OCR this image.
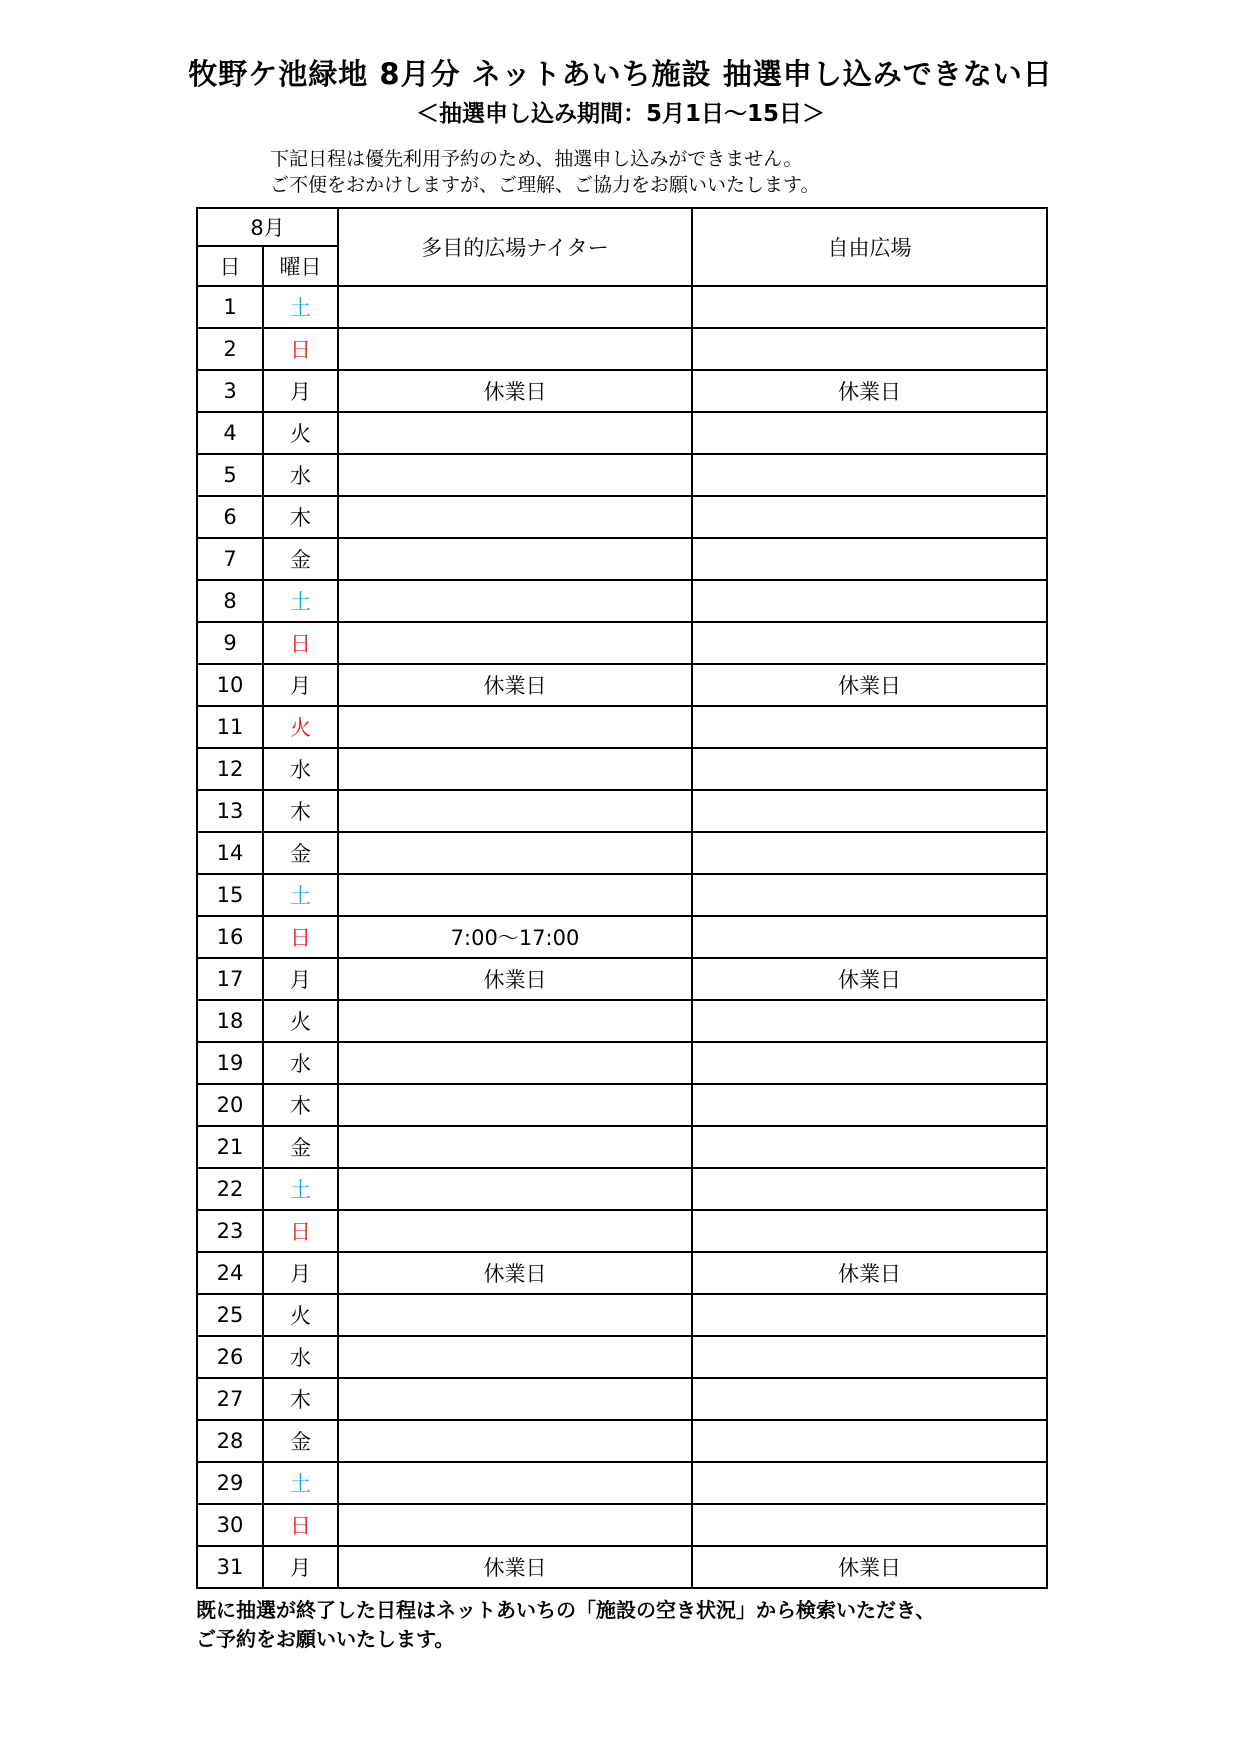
牧野ケ池緑地 8月分 ネットあいち施設 抽選申し込みできない日
＜抽選申し込み期間：5月1日～15日＞
下記日程は優先利用予約のため、抽選申し込みができません。
ご不便をおかけしますが、ご理解、ご協力をお願いいたします。
8月		多目的広場ナイター	自由広場
日	曜日		
1	土		
2	日		
3	月	休業日	休業日
4	火		
5	水		
6	木		
7	金		
8	土		
9	日		
10	月	休業日	休業日
11	火		
12	水		
13	木		
14	金		
15	土		
16	日	7:00～17:00	
17	月	休業日	休業日
18	火		
19	水		
20	木		
21	金		
22	土		
23	日		
24	月	休業日	休業日
25	火		
26	水		
27	木		
28	金		
29	土		
30	日		
31	月	休業日	休業日
既に抽選が終了した日程はネットあいちの「施設の空き状況」から検索いただき、
ご予約をお願いいたします。
